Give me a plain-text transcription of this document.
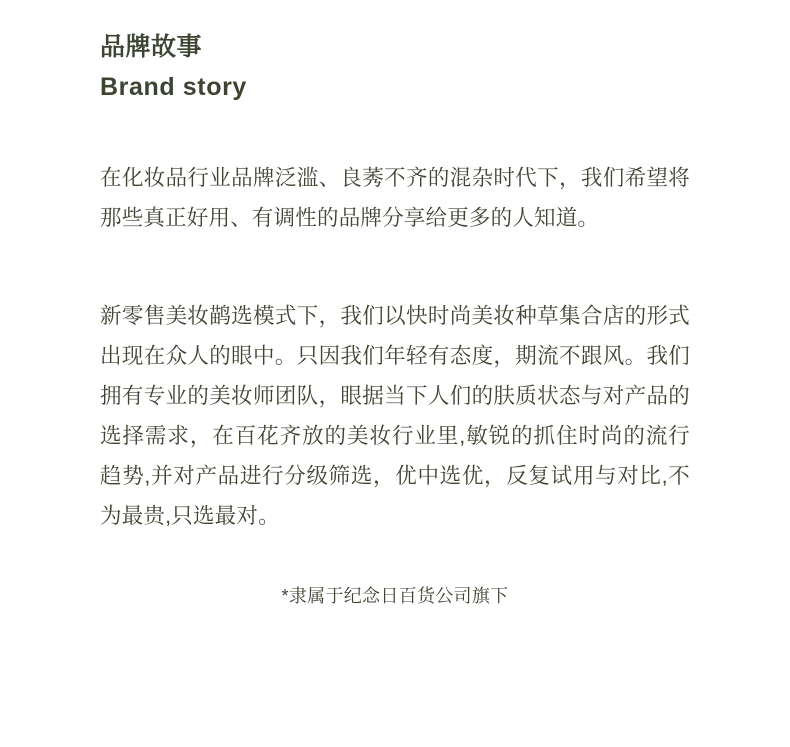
品牌故事
Brand story

在化妆品行业品牌泛滥、良莠不齐的混杂时代下，我们希望将那些真正好用、有调性的品牌分享给更多的人知道。

新零售美妆鹋选模式下，我们以快时尚美妆种草集合店的形式出现在众人的眼中。只因我们年轻有态度，期流不跟风。我们拥有专业的美妆师团队，眼据当下人们的肤质状态与对产品的选择需求，在百花齐放的美妆行业里,敏锐的抓住时尚的流行趋势,并对产品进行分级筛选，优中选优，反复试用与对比,不为最贵,只选最对。

*隶属于纪念日百货公司旗下
